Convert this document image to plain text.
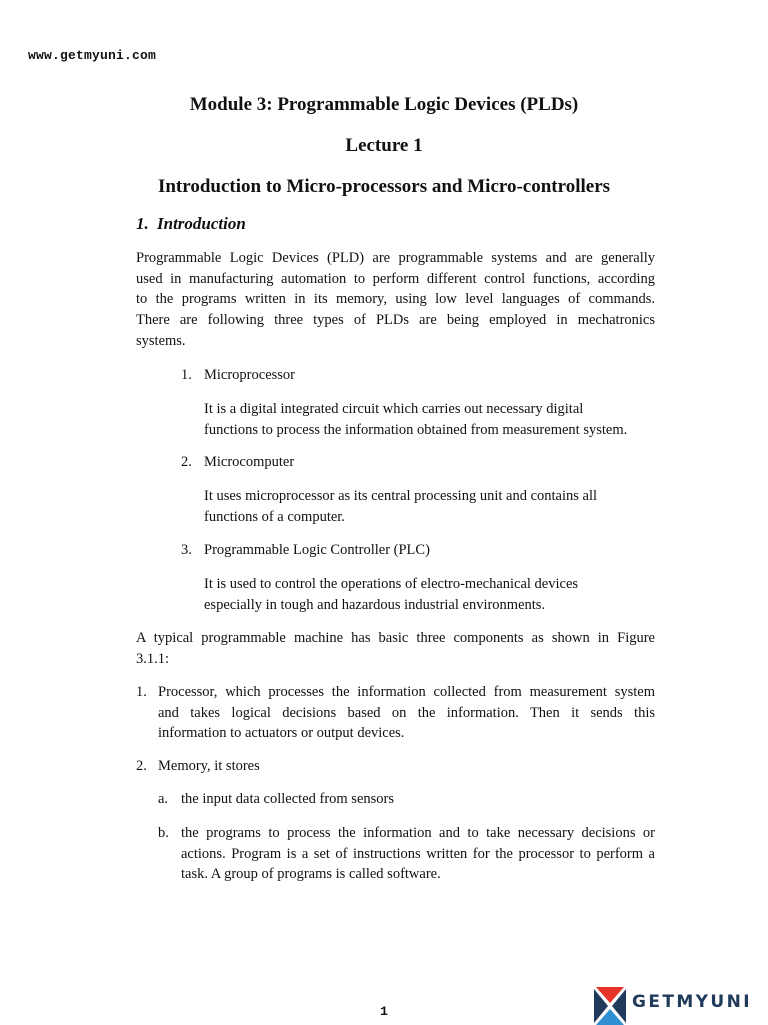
www.getmyuni.com
Module 3: Programmable Logic Devices (PLDs)
Lecture 1
Introduction to Micro-processors and Micro-controllers
1. Introduction
Programmable Logic Devices (PLD) are programmable systems and are generally
used in manufacturing automation to perform different control functions, according
to the programs written in its memory, using low level languages of commands.
There are following three types of PLDs are being employed in mechatronics
systems.
1. Microprocessor
It is a digital integrated circuit which carries out necessary digital
functions to process the information obtained from measurement system.
2. Microcomputer
It uses microprocessor as its central processing unit and contains all
functions of a computer.
3. Programmable Logic Controller (PLC)
It is used to control the operations of electro-mechanical devices
especially in tough and hazardous industrial environments.
A typical programmable machine has basic three components as shown in Figure
3.1.1:
1. Processor, which processes the information collected from measurement system
and takes logical decisions based on the information. Then it sends this
information to actuators or output devices.
2. Memory, it stores
a. the input data collected from sensors
b. the programs to process the information and to take necessary decisions or
actions. Program is a set of instructions written for the processor to perform a
task. A group of programs is called software.
1	GETMYUNI
